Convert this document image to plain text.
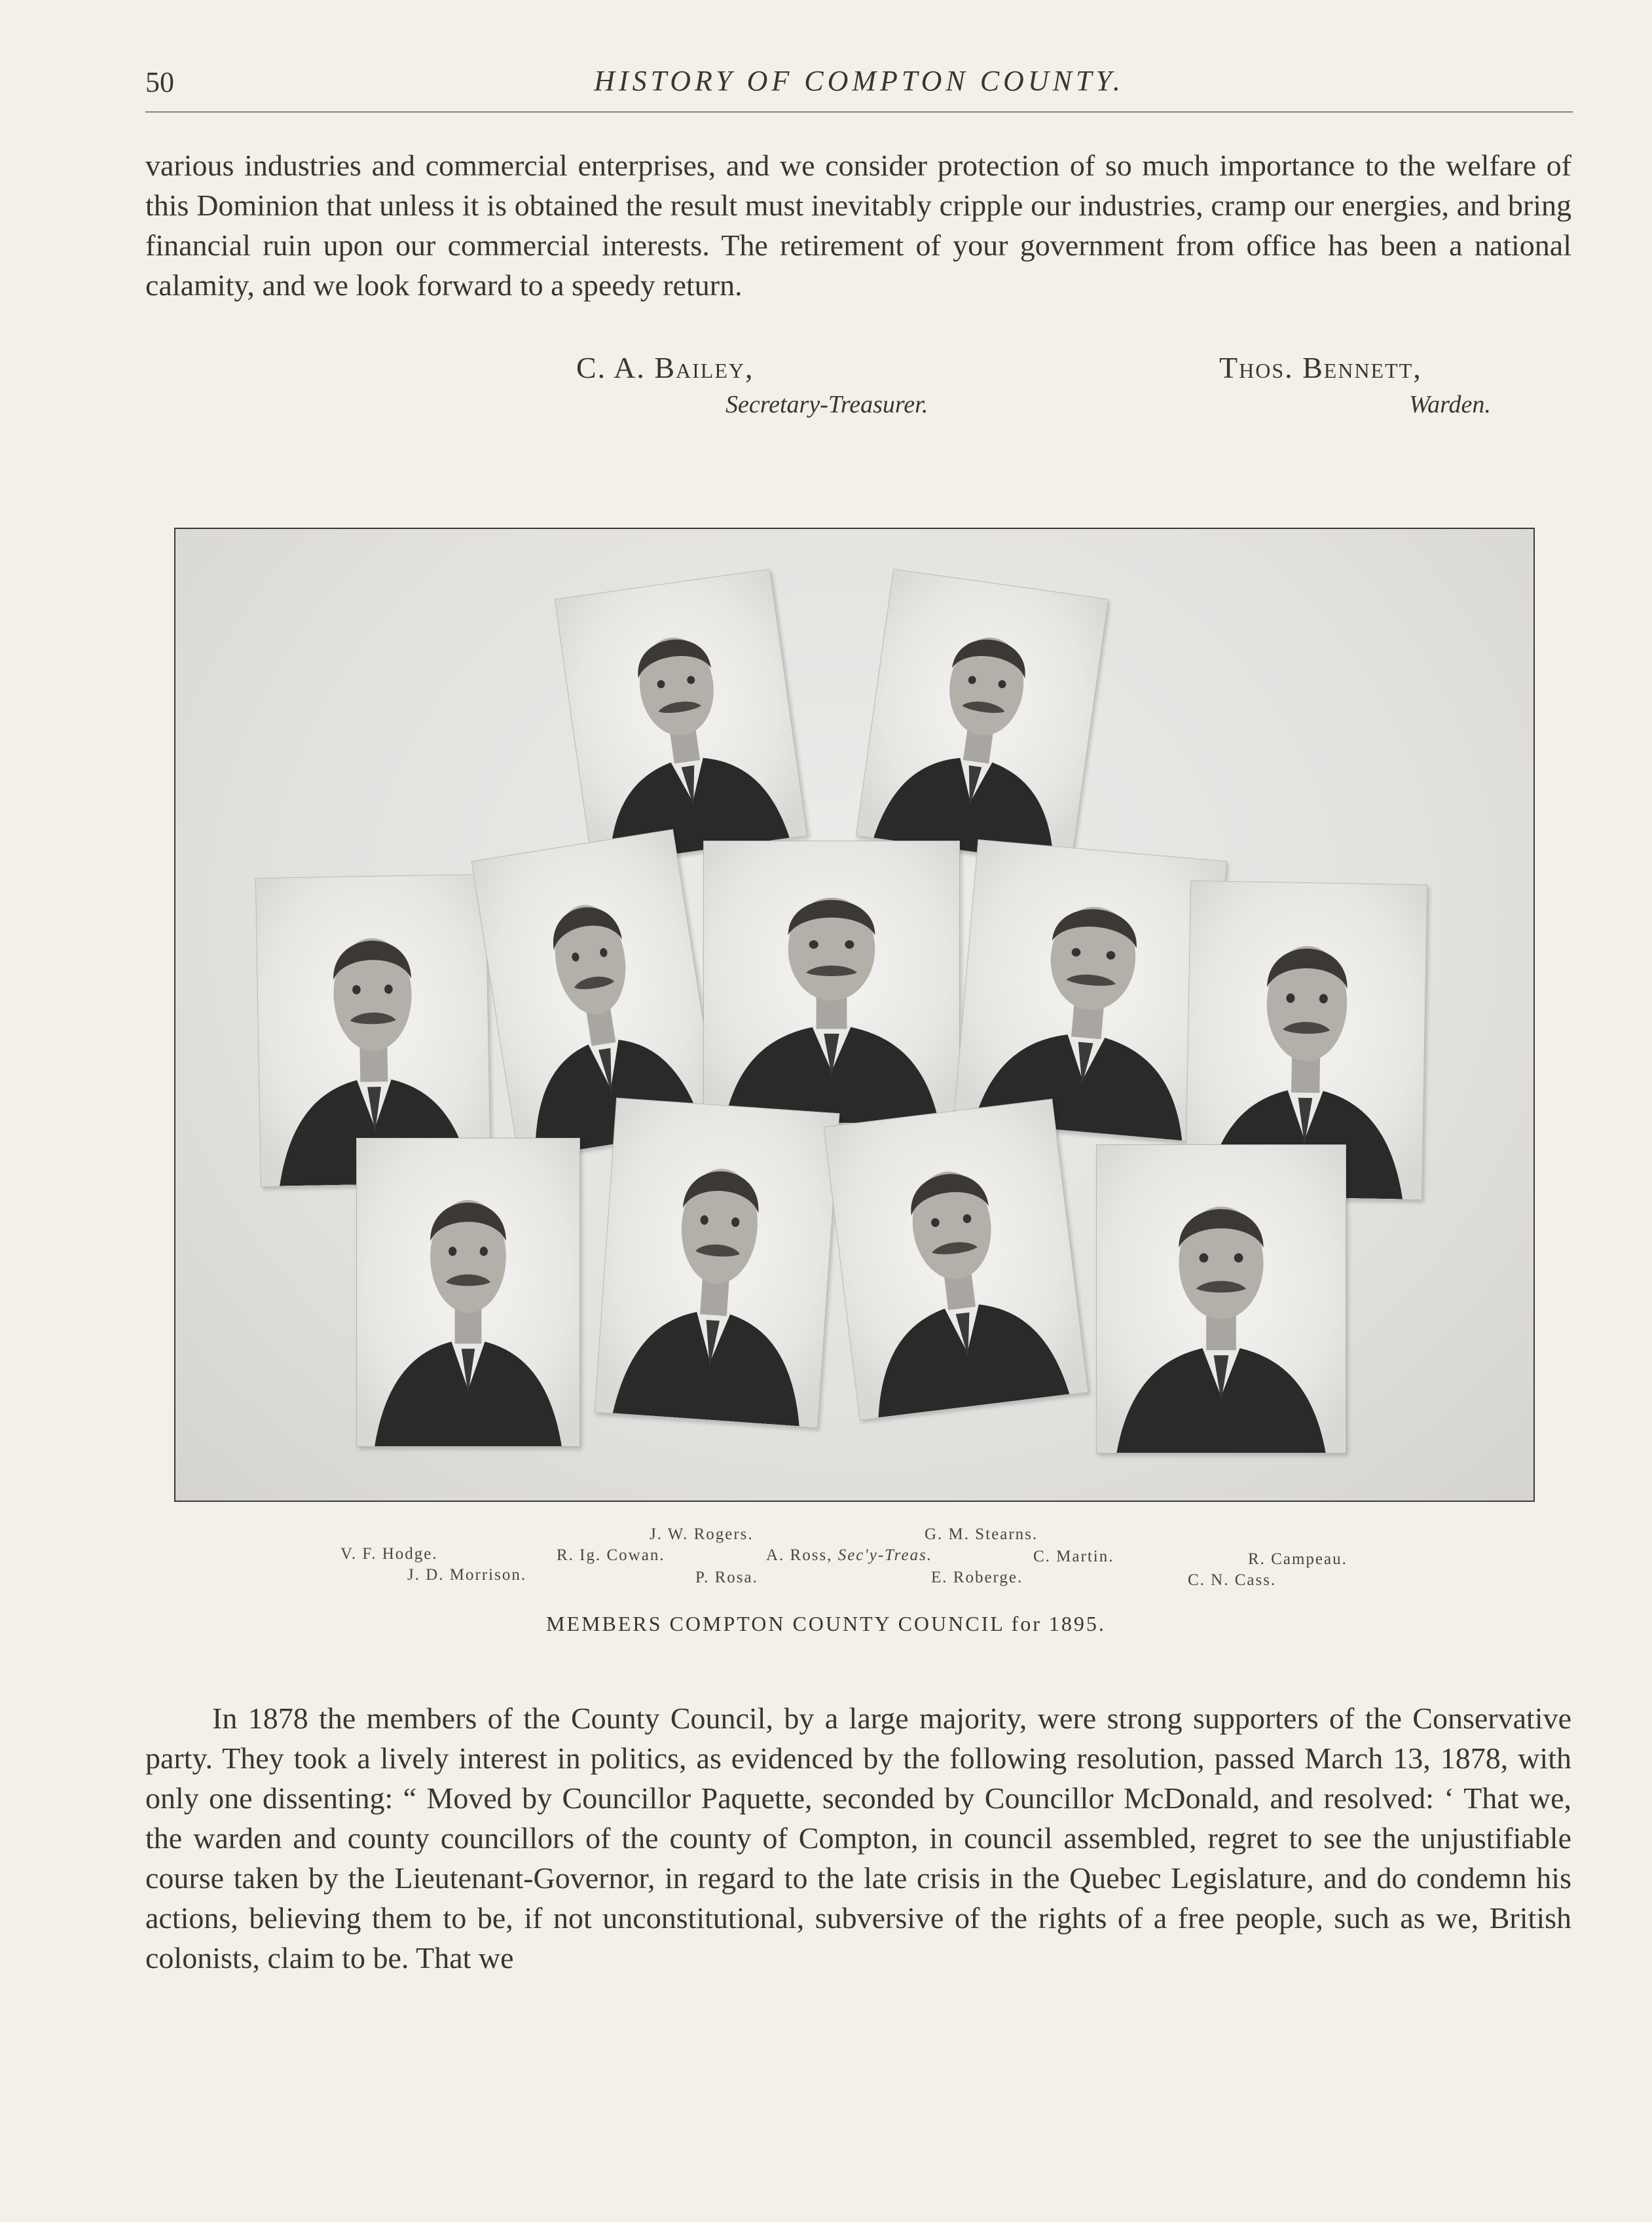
50	HISTORY OF COMPTON COUNTY.

various industries and commercial enterprises, and we consider protection of so much importance to the welfare of this Dominion that unless it is obtained the result must inevitably cripple our industries, cramp our energies, and bring financial ruin upon our commercial interests. The retirement of your government from office has been a national calamity, and we look forward to a speedy return.

C. A. Bailey,
Secretary-Treasurer.
Thos. Bennett,
Warden.
V. F. Hodge.
J. D. Morrison.
R. Ig. Cowan.
J. W. Rogers.
P. Rosa.
A. Ross, Sec'y-Treas.
G. M. Stearns.
E. Roberge.
C. Martin.
C. N. Cass.
R. Campeau.
MEMBERS COMPTON COUNTY COUNCIL for 1895.

In 1878 the members of the County Council, by a large majority, were strong supporters of the Conservative party. They took a lively interest in politics, as evidenced by the following resolution, passed March 13, 1878, with only one dissenting: “ Moved by Councillor Paquette, seconded by Councillor McDonald, and resolved: ‘ That we, the warden and county councillors of the county of Compton, in council assembled, regret to see the unjustifiable course taken by the Lieutenant-Governor, in regard to the late crisis in the Quebec Legislature, and do condemn his actions, believing them to be, if not unconstitutional, subversive of the rights of a free people, such as we, British colonists, claim to be. That we
